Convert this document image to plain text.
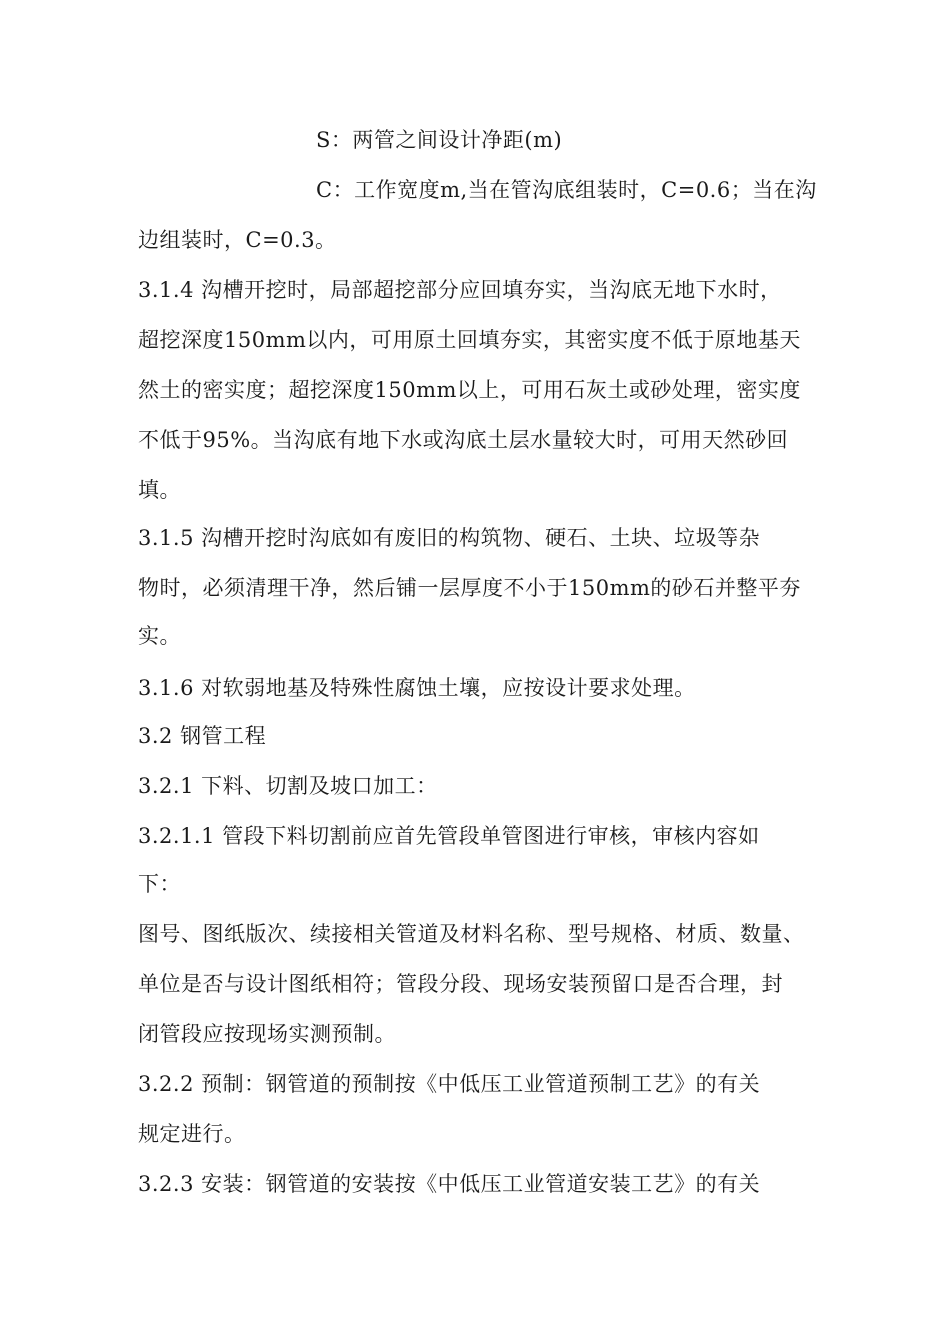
S：两管之间设计净距(m)
C：工作宽度m,当在管沟底组装时，C=0.6；当在沟
边组装时，C=0.3。
3.1.4 沟槽开挖时，局部超挖部分应回填夯实，当沟底无地下水时，
超挖深度150mm以内，可用原土回填夯实，其密实度不低于原地基天
然土的密实度；超挖深度150mm以上，可用石灰土或砂处理，密实度
不低于95%。当沟底有地下水或沟底土层水量较大时，可用天然砂回
填。
3.1.5 沟槽开挖时沟底如有废旧的构筑物、硬石、土块、垃圾等杂
物时，必须清理干净，然后铺一层厚度不小于150mm的砂石并整平夯
实。
3.1.6 对软弱地基及特殊性腐蚀土壤，应按设计要求处理。
3.2 钢管工程
3.2.1 下料、切割及坡口加工：
3.2.1.1 管段下料切割前应首先管段单管图进行审核，审核内容如
下：
图号、图纸版次、续接相关管道及材料名称、型号规格、材质、数量、
单位是否与设计图纸相符；管段分段、现场安装预留口是否合理，封
闭管段应按现场实测预制。
3.2.2 预制：钢管道的预制按《中低压工业管道预制工艺》的有关
规定进行。
3.2.3 安装：钢管道的安装按《中低压工业管道安装工艺》的有关
